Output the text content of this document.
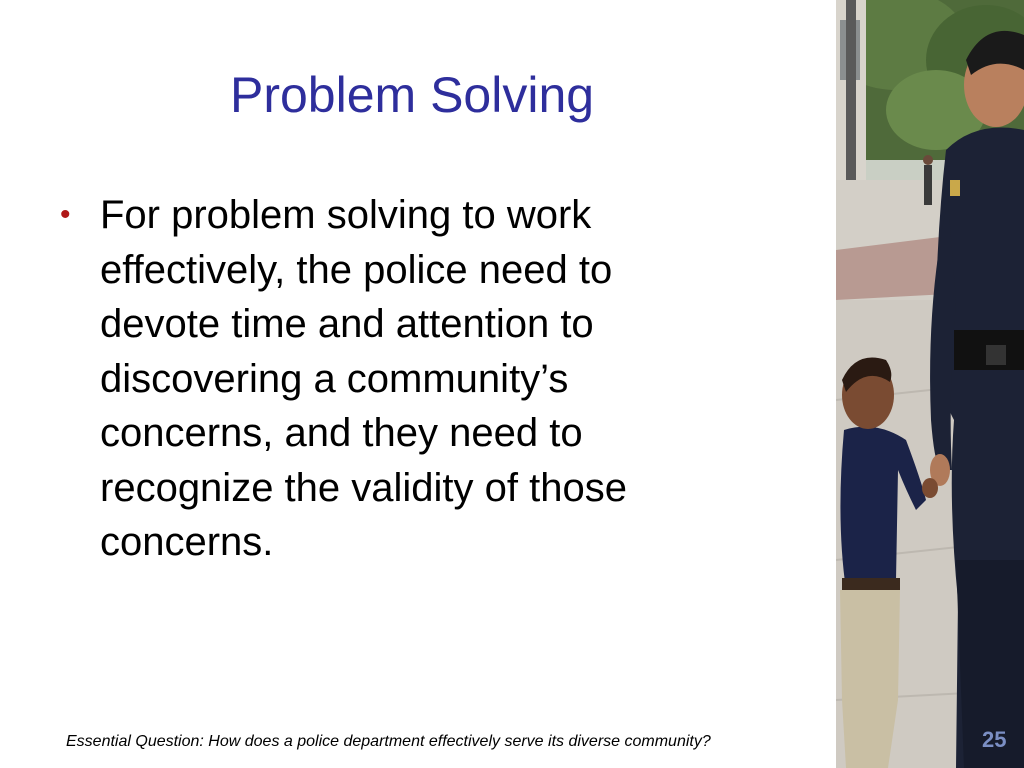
Problem Solving
• For problem solving to work effectively, the police need to devote time and attention to discovering a community’s concerns, and they need to recognize the validity of those concerns.
Essential Question: How does a police department effectively serve its diverse community?	25
